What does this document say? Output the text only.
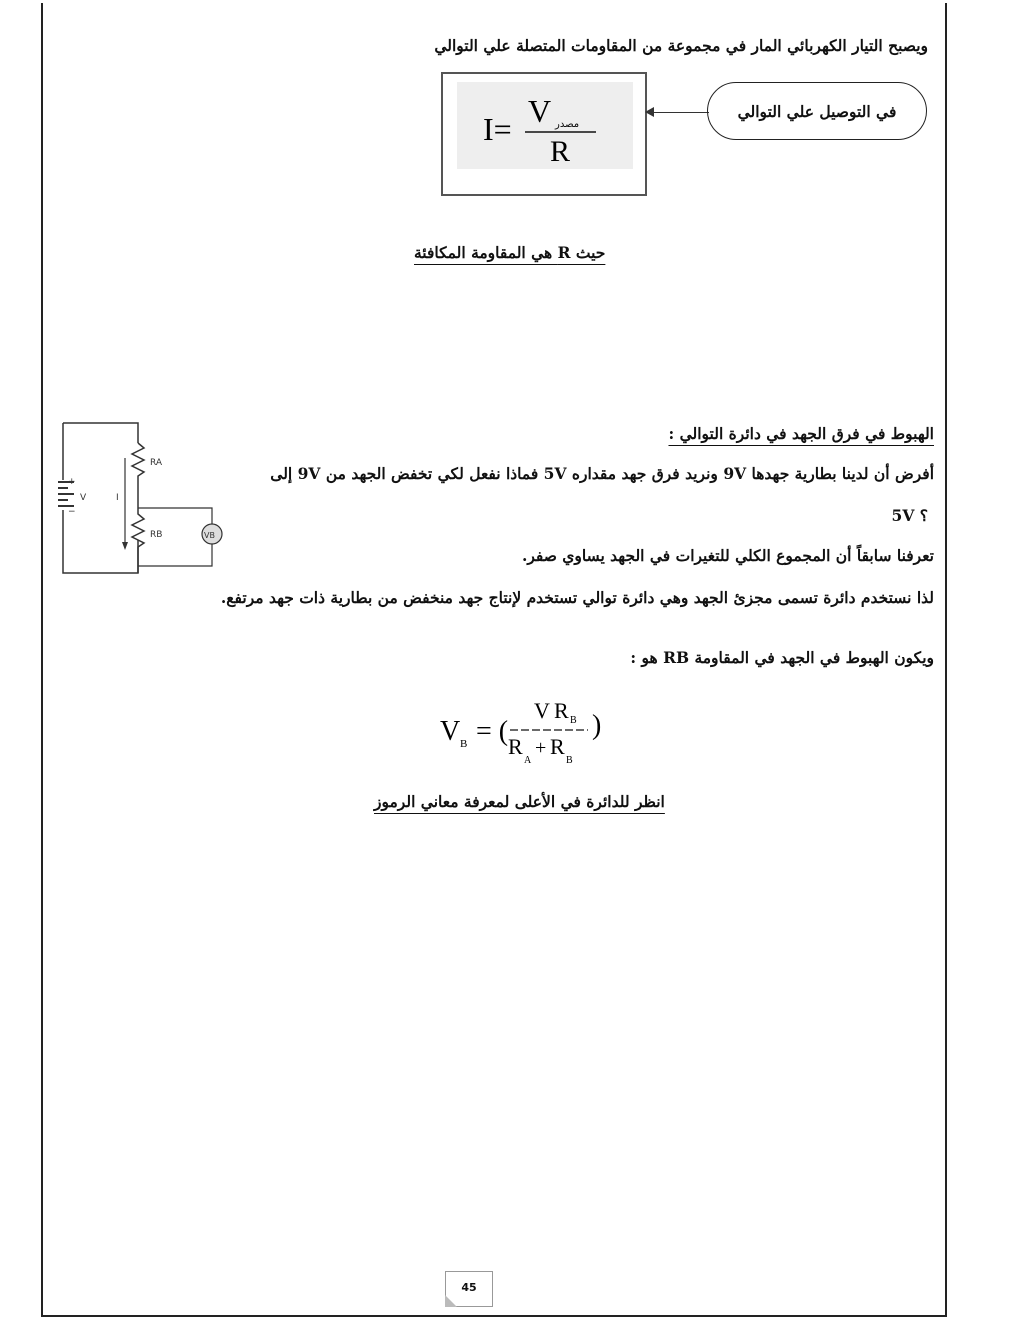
ويصبح التيار الكهربائي المار في مجموعة من المقاومات المتصلة علي التوالي
I= V مصدر
R
في التوصيل علي التوالي
حيث R هي المقاومة المكافئة
+
−
V
RA
RB
I
VB
الهبوط في فرق الجهد في دائرة التوالي :
أفرض أن لدينا بطارية جهدها 9V ونريد فرق جهد مقداره 5V فماذا نفعل لكي تخفض الجهد من 9V إلى
5V ؟
تعرفنا سابقاً أن المجموع الكلي للتغيرات في الجهد يساوي صفر.
لذا نستخدم دائرة تسمى مجزئ الجهد وهي دائرة توالي تستخدم لإنتاج جهد منخفض من بطارية ذات جهد مرتفع.
ويكون الهبوط في الجهد في المقاومة RB هو :
V B = (
V R B
R
A
+ R
B
)
انظر للدائرة في الأعلى لمعرفة معاني الرموز
45
